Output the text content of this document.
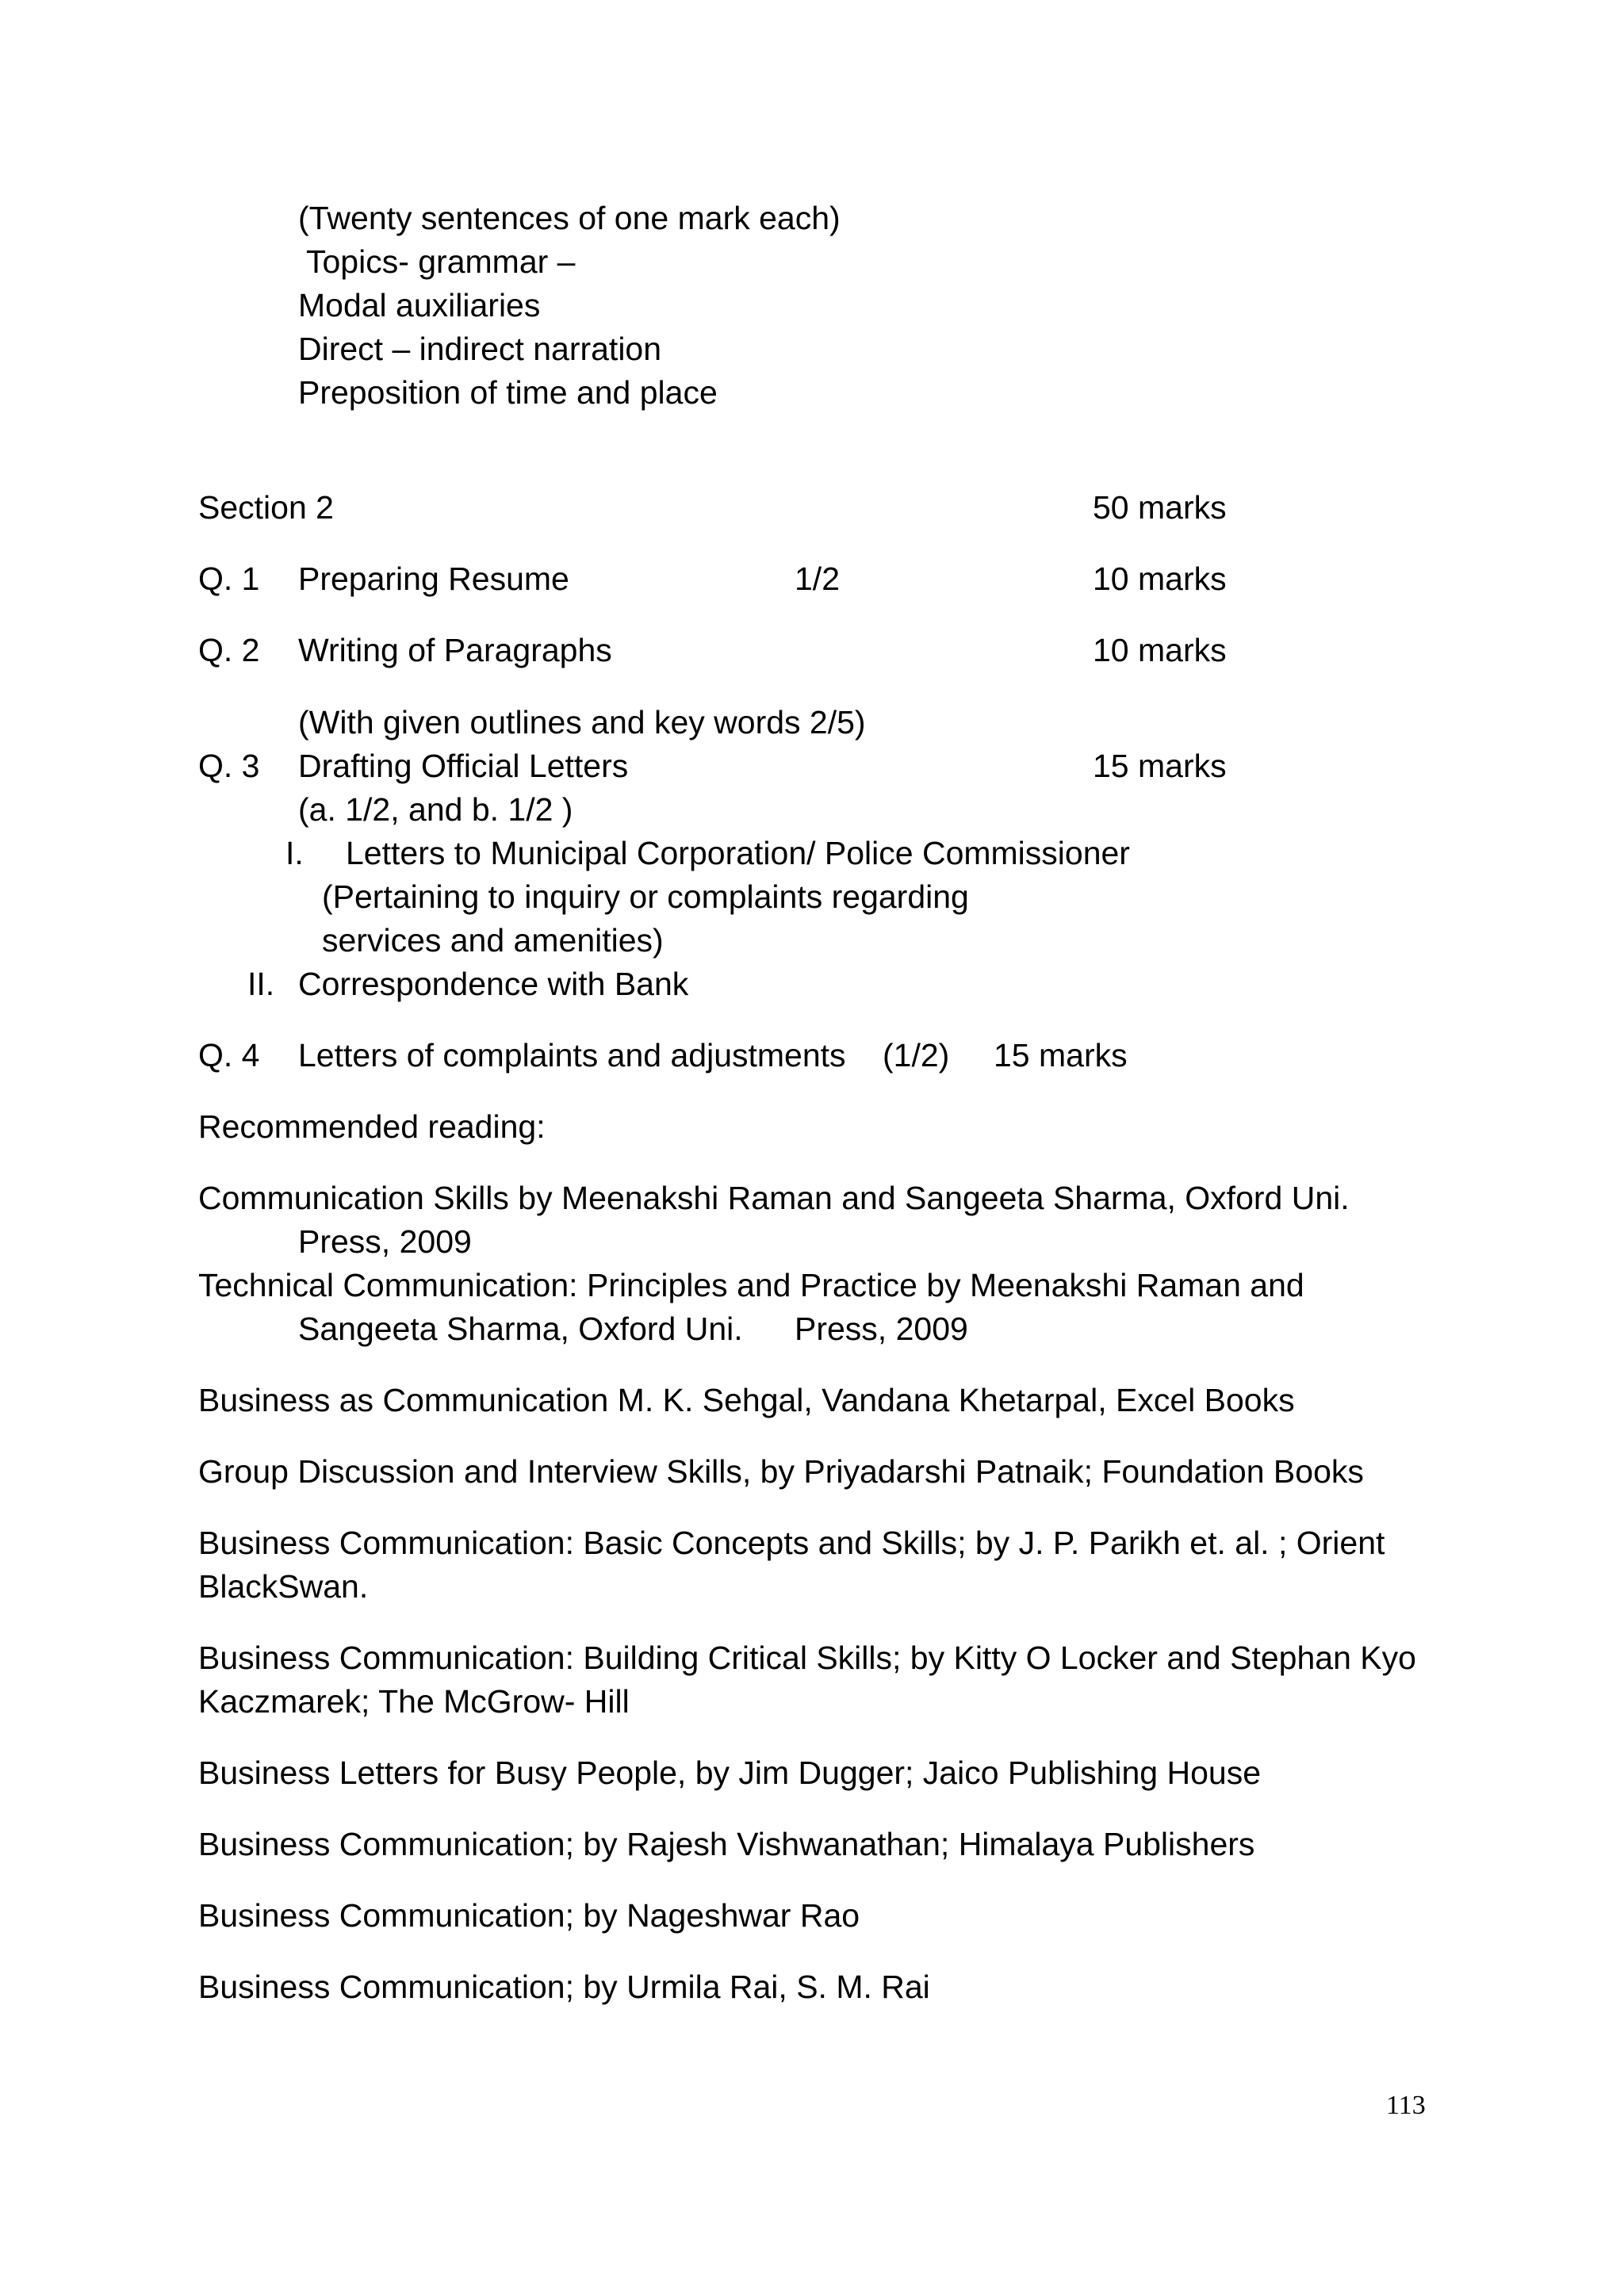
(Twenty sentences of one mark each)
Topics- grammar –
Modal auxiliaries
Direct – indirect narration
Preposition of time and place
Section 2	50 marks
Q. 1 Preparing Resume	1/2	10 marks
Q. 2 Writing of Paragraphs	10 marks
(With given outlines and key words 2/5)
Q. 3 Drafting Official Letters	15 marks
(a. 1/2, and b. 1/2 )
I. Letters to Municipal Corporation/ Police Commissioner
(Pertaining to inquiry or complaints regarding
services and amenities)
II. Correspondence with Bank
Q. 4 Letters of complaints and adjustments (1/2) 15 marks
Recommended reading:
Communication Skills by Meenakshi Raman and Sangeeta Sharma, Oxford Uni.
Press, 2009
Technical Communication: Principles and Practice by Meenakshi Raman and
Sangeeta Sharma, Oxford Uni. Press, 2009
Business as Communication M. K. Sehgal, Vandana Khetarpal, Excel Books
Group Discussion and Interview Skills, by Priyadarshi Patnaik; Foundation Books
Business Communication: Basic Concepts and Skills; by J. P. Parikh et. al. ; Orient
BlackSwan.
Business Communication: Building Critical Skills; by Kitty O Locker and Stephan Kyo
Kaczmarek; The McGrow- Hill
Business Letters for Busy People, by Jim Dugger; Jaico Publishing House
Business Communication; by Rajesh Vishwanathan; Himalaya Publishers
Business Communication; by Nageshwar Rao
Business Communication; by Urmila Rai, S. M. Rai
113
